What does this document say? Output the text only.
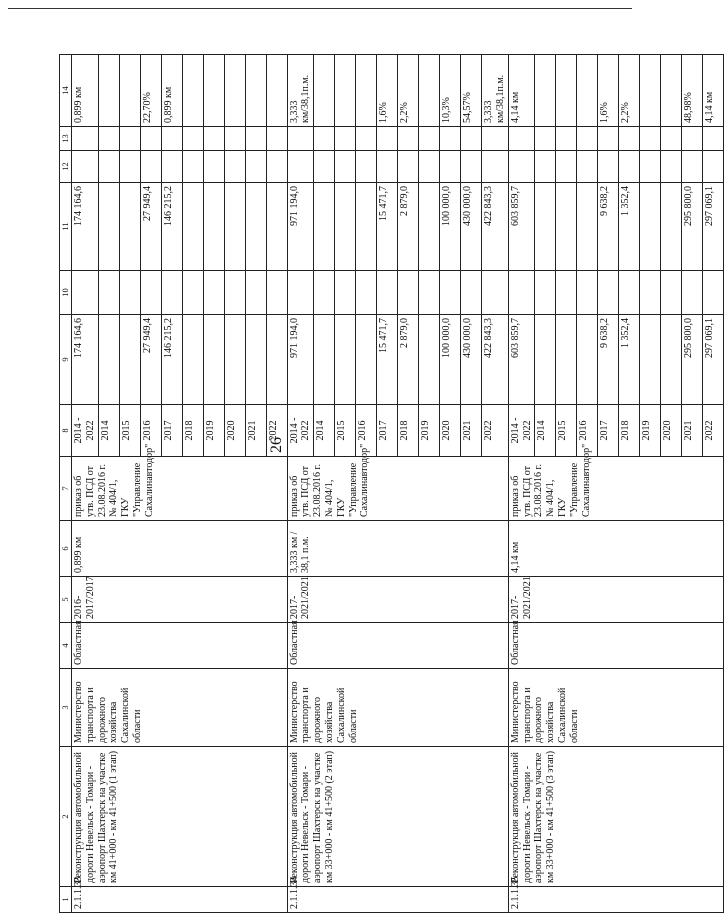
26
1	2	3	4	5	6	7	8	9	10	11	12	13	14
2.1.1.33	Реконструкция автомобильной дороги Невельск - Томари - аэропорт Шахтерск на участке км 41+000 - км 41+500 (1 этап)	Министерство транспорта и дорожного хозяйства Сахалинской области	Областная	2016-2017/2017	0,899 км	приказ об утв. ПСД от 23.08.2016 г. № 404/1, ГКУ "Управление Сахалинавтодор"	2014 - 2022	174 164,6		174 164,6			0,899 км
							2014						
							2015						
							2016	27 949,4		27 949,4			22,70%
							2017	146 215,2		146 215,2			0,899 км
							2018						
							2019						
							2020						
							2021						
							2022						
2.1.1.34	Реконструкция автомобильной дороги Невельск - Томари - аэропорт Шахтерск на участке км 33+000 - км 41+500 (2 этап)	Министерство транспорта и дорожного хозяйства Сахалинской области	Областная	2017-2021/2021	3,333 км / 38,1 п.м.	приказ об утв. ПСД от 23.08.2016 г. № 404/1, ГКУ "Управление Сахалинавтодор"	2014 - 2022	971 194,0		971 194,0			3,333 км/38,1п.м.
							2014						
							2015						
							2016						
							2017	15 471,7		15 471,7			1,6%
							2018	2 879,0		2 879,0			2,2%
							2019						
							2020	100 000,0		100 000,0			10,3%
							2021	430 000,0		430 000,0			54,57%
							2022	422 843,3		422 843,3			3,333 км/38,1п.м.
2.1.1.35	Реконструкция автомобильной дороги Невельск - Томари - аэропорт Шахтерск на участке км 33+000 - км 41+500 (3 этап)	Министерство транспорта и дорожного хозяйства Сахалинской области	Областная	2017-2021/2021	4,14 км	приказ об утв. ПСД от 23.08.2016 г. № 404/1, ГКУ "Управление Сахалинавтодор"	2014 - 2022	603 859,7		603 859,7			4,14 км
							2014						
							2015						
							2016						
							2017	9 638,2		9 638,2			1,6%
							2018	1 352,4		1 352,4			2,2%
							2019						
							2020						
							2021	295 800,0		295 800,0			48,98%
							2022	297 069,1		297 069,1			4,14 км
